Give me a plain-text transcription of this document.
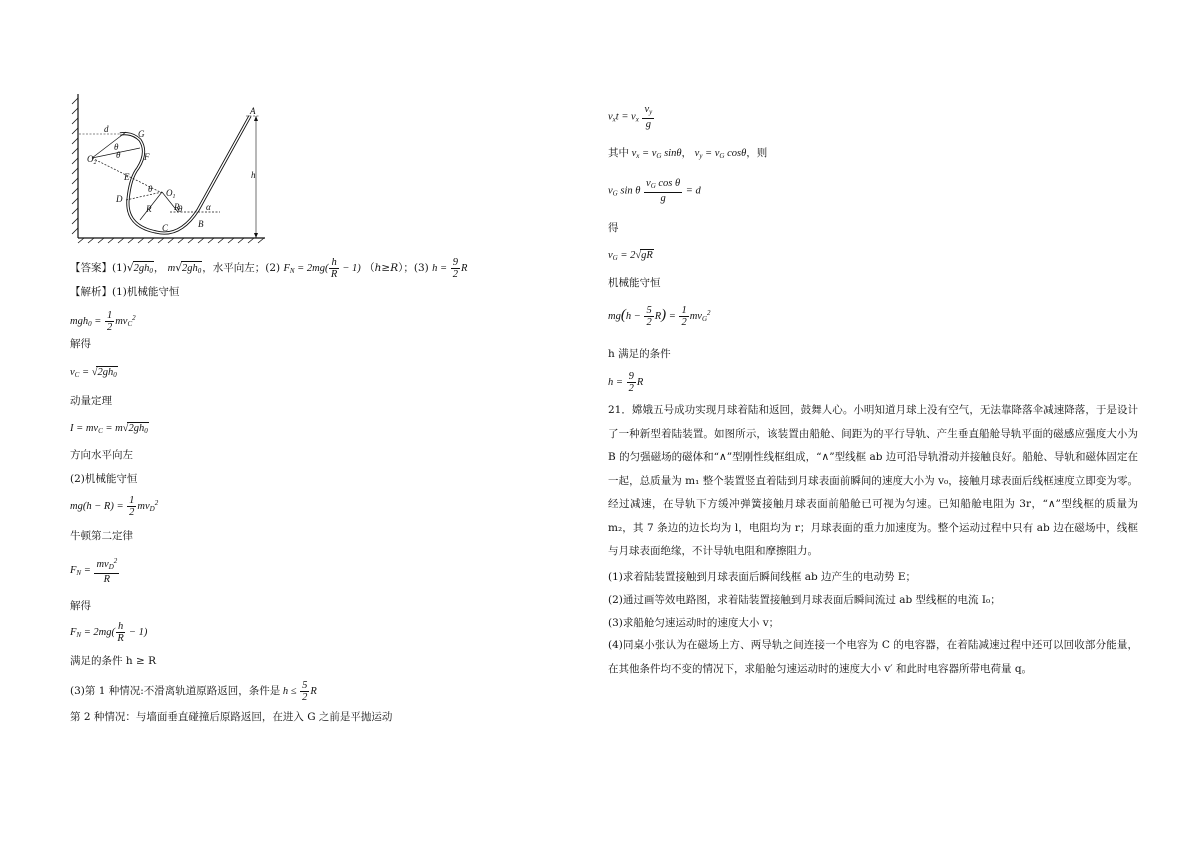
A
G
F
E
D
C	B
$O_2$
$O_1$
d
h
R	R
θ
θ
θ
θ	α
【答案】$(1)√2gh_0$， $m√2gh_0$，水平向左；(2) $F_N = 2mg( \frac{h}{R} - 1)$ （h≥R）；(3) $h = \frac{9}{2}$ R
【解析】(1)机械能守恒
$mgh_0 = \frac{1}{2} mv_C^2$
解得
$v_C = √2gh_0$
动量定理
$I = mv_C = m√2gh_0$
方向水平向左
(2)机械能守恒
$mg(h - R) = \frac{1}{2} mv_D^2$
牛顿第二定律
$F_N = \frac{mv_D^2}{R}$
解得
$F_N = 2mg( \frac{h}{R} - 1)$
满足的条件 h ≥ R
(3)第 1 种情况:不滑离轨道原路返回，条件是 $h \le \frac{5}{2}$ R
第 2 种情况：与墙面垂直碰撞后原路返回，在进入 G 之前是平抛运动
$v_xt = v_x \frac{v_y}{g}$
其中 $v_x = v_G$ sinθ， $v_y = v_G$ cosθ，则
$v_G$ sin θ $\frac{v_G \cos \theta}{g} = d$
得
$v_G = 2√gR$
机械能守恒
$mg(h - \frac{5}{2} R) = \frac{1}{2} mv_G^2$
h 满足的条件
$h = \frac{9}{2}$ R
21．嫦娥五号成功实现月球着陆和返回，鼓舞人心。小明知道月球上没有空气，无法靠降落伞减速降落，于是设计了一种新型着陆装置。如图所示，该装置由船舱、间距为的平行导轨、产生垂直船舱导轨平面的磁感应强度大小为 B 的匀强磁场的磁体和“∧”型刚性线框组成，“∧”型线框 ab 边可沿导轨滑动并接触良好。船舱、导轨和磁体固定在一起，总质量为 m₁ 整个装置竖直着陆到月球表面前瞬间的速度大小为 v₀，接触月球表面后线框速度立即变为零。经过减速，在导轨下方缓冲弹簧接触月球表面前船舱已可视为匀速。已知船舱电阻为 3r，“∧”型线框的质量为 m₂，其 7 条边的边长均为 l，电阻均为 r；月球表面的重力加速度为。整个运动过程中只有 ab 边在磁场中，线框与月球表面绝缘，不计导轨电阻和摩擦阻力。
(1)求着陆装置接触到月球表面后瞬间线框 ab 边产生的电动势 E；
(2)通过画等效电路图，求着陆装置接触到月球表面后瞬间流过 ab 型线框的电流 I₀；
(3)求船舱匀速运动时的速度大小 v；
(4)同桌小张认为在磁场上方、两导轨之间连接一个电容为 C 的电容器，在着陆减速过程中还可以回收部分能量，在其他条件均不变的情况下，求船舱匀速运动时的速度大小 v′ 和此时电容器所带电荷量 q。
